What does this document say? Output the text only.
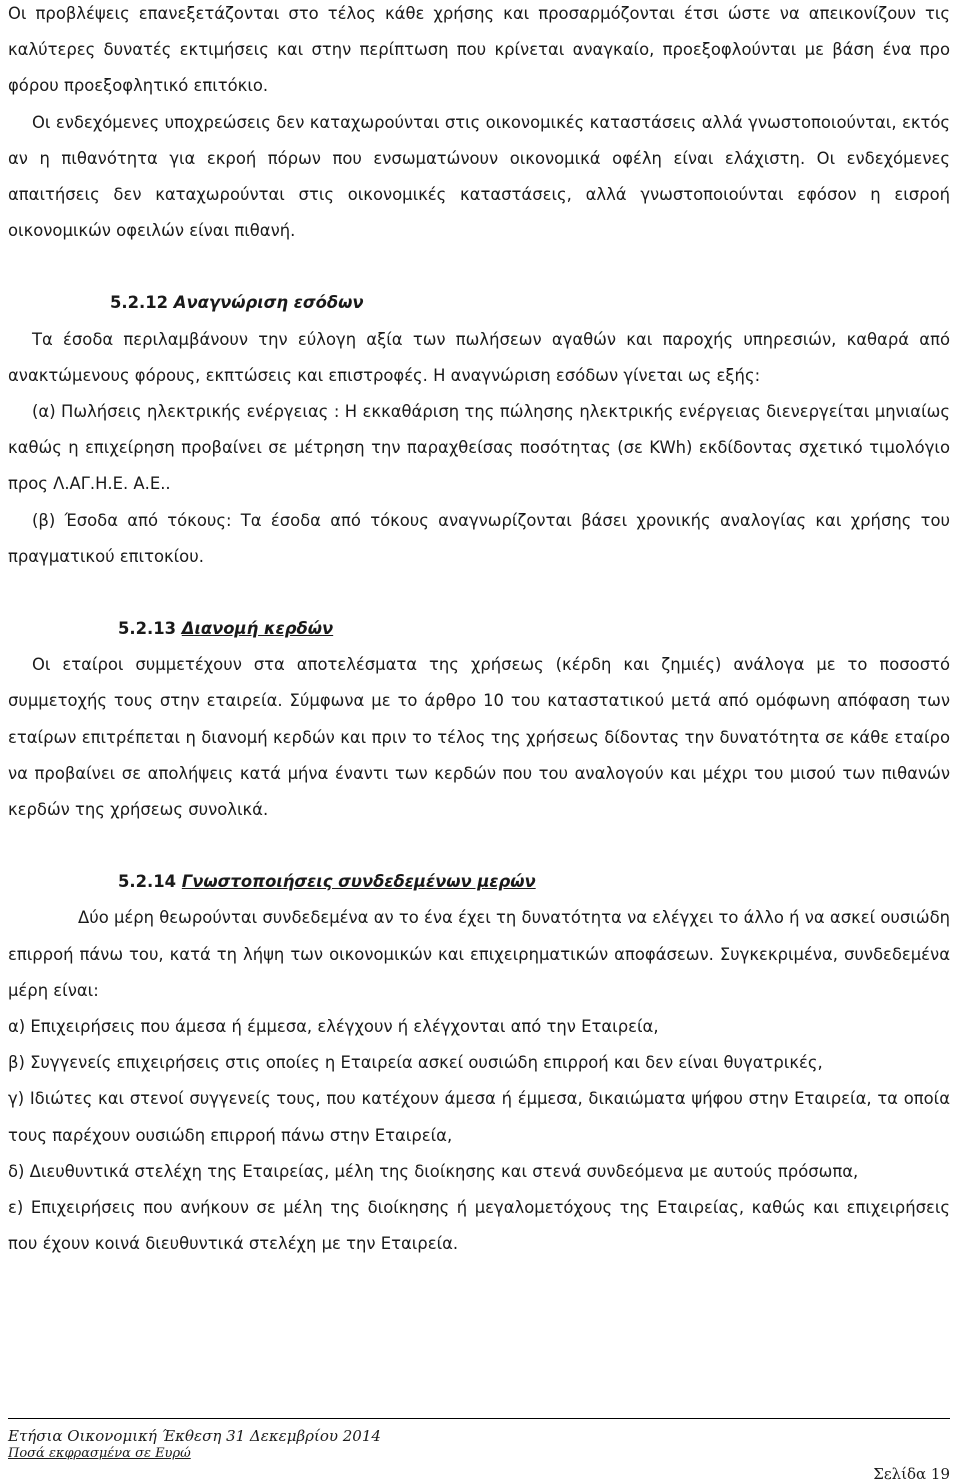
Οι προβλέψεις επανεξετάζονται στο τέλος κάθε χρήσης και προσαρμόζονται έτσι ώστε να απεικονίζουν τις καλύτερες δυνατές εκτιμήσεις και στην περίπτωση που κρίνεται αναγκαίο, προεξοφλούνται με βάση ένα προ φόρου προεξοφλητικό επιτόκιο.

Οι ενδεχόμενες υποχρεώσεις δεν καταχωρούνται στις οικονομικές καταστάσεις αλλά γνωστοποιούνται, εκτός αν η πιθανότητα για εκροή πόρων που ενσωματώνουν οικονομικά οφέλη είναι ελάχιστη. Οι ενδεχόμενες απαιτήσεις δεν καταχωρούνται στις οικονομικές καταστάσεις, αλλά γνωστοποιούνται εφόσον η εισροή οικονομικών οφειλών είναι πιθανή.

5.2.12 Αναγνώριση εσόδων

Τα έσοδα περιλαμβάνουν την εύλογη αξία των πωλήσεων αγαθών και παροχής υπηρεσιών, καθαρά από ανακτώμενους φόρους, εκπτώσεις και επιστροφές. Η αναγνώριση εσόδων γίνεται ως εξής:

(α) Πωλήσεις ηλεκτρικής ενέργειας : Η εκκαθάριση της πώλησης ηλεκτρικής ενέργειας διενεργείται μηνιαίως καθώς η επιχείρηση προβαίνει σε μέτρηση την παραχθείσας ποσότητας (σε KWh) εκδίδοντας σχετικό τιμολόγιο προς Λ.ΑΓ.Η.Ε. Α.Ε..

(β) Έσοδα από τόκους: Τα έσοδα από τόκους αναγνωρίζονται βάσει χρονικής αναλογίας και χρήσης του πραγματικού επιτοκίου.

5.2.13 Διανομή κερδών

Οι εταίροι συμμετέχουν στα αποτελέσματα της χρήσεως (κέρδη και ζημιές) ανάλογα με το ποσοστό συμμετοχής τους στην εταιρεία. Σύμφωνα με το άρθρο 10 του καταστατικού μετά από ομόφωνη απόφαση των εταίρων επιτρέπεται η διανομή κερδών και πριν το τέλος της χρήσεως δίδοντας την δυνατότητα σε κάθε εταίρο να προβαίνει σε απολήψεις κατά μήνα έναντι των κερδών που του αναλογούν και μέχρι του μισού των πιθανών κερδών της χρήσεως συνολικά.

5.2.14 Γνωστοποιήσεις συνδεδεμένων μερών

Δύο μέρη θεωρούνται συνδεδεμένα αν το ένα έχει τη δυνατότητα να ελέγχει το άλλο ή να ασκεί ουσιώδη επιρροή πάνω του, κατά τη λήψη των οικονομικών και επιχειρηματικών αποφάσεων. Συγκεκριμένα, συνδεδεμένα μέρη είναι:

α) Επιχειρήσεις που άμεσα ή έμμεσα, ελέγχουν ή ελέγχονται από την Εταιρεία,

β) Συγγενείς επιχειρήσεις στις οποίες η Εταιρεία ασκεί ουσιώδη επιρροή και δεν είναι θυγατρικές,

γ) Ιδιώτες και στενοί συγγενείς τους, που κατέχουν άμεσα ή έμμεσα, δικαιώματα ψήφου στην Εταιρεία, τα οποία τους παρέχουν ουσιώδη επιρροή πάνω στην Εταιρεία,

δ) Διευθυντικά στελέχη της Εταιρείας, μέλη της διοίκησης και στενά συνδεόμενα με αυτούς πρόσωπα,

ε) Επιχειρήσεις που ανήκουν σε μέλη της διοίκησης ή μεγαλομετόχους της Εταιρείας, καθώς και επιχειρήσεις που έχουν κοινά διευθυντικά στελέχη με την Εταιρεία.

Ετήσια Οικονομική Έκθεση 31 Δεκεμβρίου 2014
Ποσά εκφρασμένα σε Ευρώ
Σελίδα 19
